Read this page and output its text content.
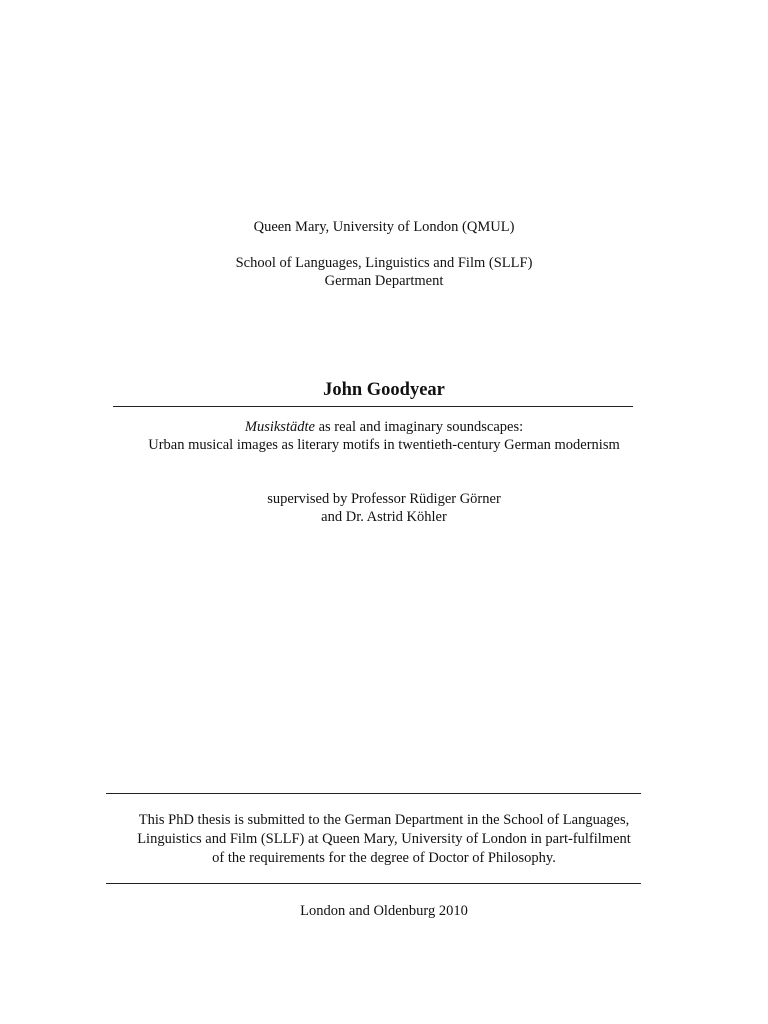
Queen Mary, University of London (QMUL)
School of Languages, Linguistics and Film (SLLF)
German Department
John Goodyear
Musikstädte as real and imaginary soundscapes:
Urban musical images as literary motifs in twentieth-century German modernism
supervised by Professor Rüdiger Görner
and Dr. Astrid Köhler
This PhD thesis is submitted to the German Department in the School of Languages,
Linguistics and Film (SLLF) at Queen Mary, University of London in part-fulfilment
of the requirements for the degree of Doctor of Philosophy.
London and Oldenburg 2010
